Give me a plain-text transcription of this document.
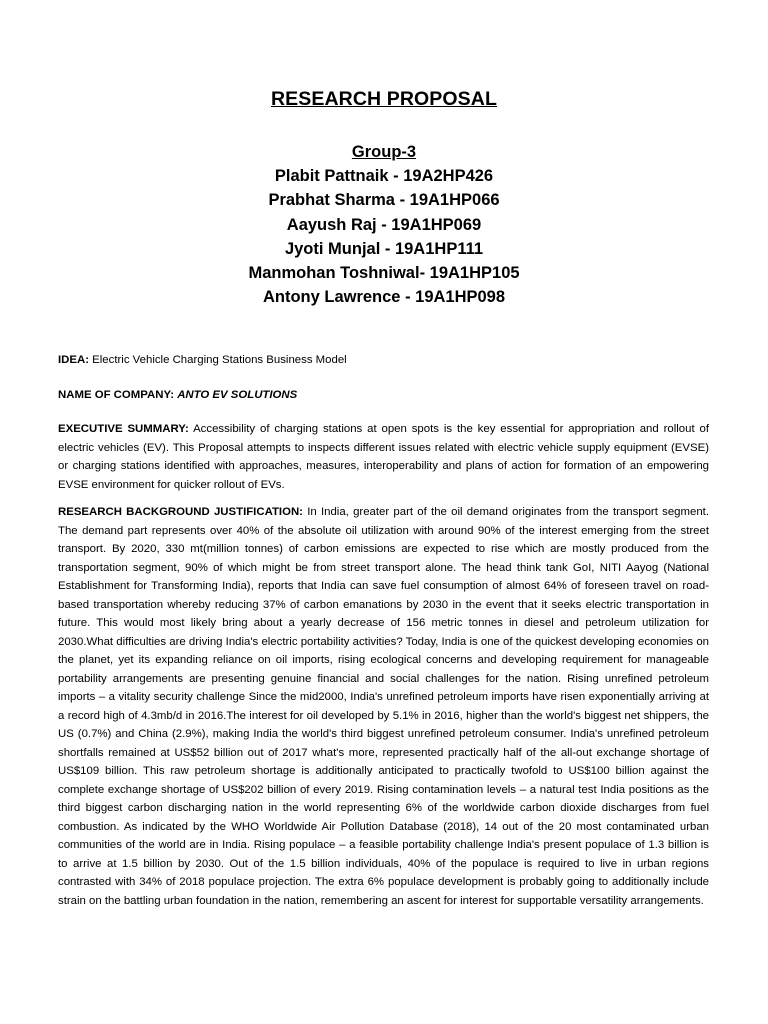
RESEARCH PROPOSAL
Group-3
Plabit Pattnaik - 19A2HP426
Prabhat Sharma - 19A1HP066
Aayush Raj - 19A1HP069
Jyoti Munjal - 19A1HP111
Manmohan Toshniwal- 19A1HP105
Antony Lawrence - 19A1HP098
IDEA: Electric Vehicle Charging Stations Business Model
NAME OF COMPANY: ANTO EV SOLUTIONS
EXECUTIVE SUMMARY: Accessibility of charging stations at open spots is the key essential for appropriation and rollout of electric vehicles (EV). This Proposal attempts to inspects different issues related with electric vehicle supply equipment (EVSE) or charging stations identified with approaches, measures, interoperability and plans of action for formation of an empowering EVSE environment for quicker rollout of EVs.
RESEARCH BACKGROUND JUSTIFICATION: In India, greater part of the oil demand originates from the transport segment. The demand part represents over 40% of the absolute oil utilization with around 90% of the interest emerging from the street transport. By 2020, 330 mt(million tonnes) of carbon emissions are expected to rise which are mostly produced from the transportation segment, 90% of which might be from street transport alone. The head think tank GoI, NITI Aayog (National Establishment for Transforming India), reports that India can save fuel consumption of almost 64% of foreseen travel on road-based transportation whereby reducing 37% of carbon emanations by 2030 in the event that it seeks electric transportation in future. This would most likely bring about a yearly decrease of 156 metric tonnes in diesel and petroleum utilization for 2030.What difficulties are driving India's electric portability activities? Today, India is one of the quickest developing economies on the planet, yet its expanding reliance on oil imports, rising ecological concerns and developing requirement for manageable portability arrangements are presenting genuine financial and social challenges for the nation. Rising unrefined petroleum imports – a vitality security challenge Since the mid2000, India's unrefined petroleum imports have risen exponentially arriving at a record high of 4.3mb/d in 2016.The interest for oil developed by 5.1% in 2016, higher than the world's biggest net shippers, the US (0.7%) and China (2.9%), making India the world's third biggest unrefined petroleum consumer. India's unrefined petroleum shortfalls remained at US$52 billion out of 2017 what's more, represented practically half of the all-out exchange shortage of US$109 billion. This raw petroleum shortage is additionally anticipated to practically twofold to US$100 billion against the complete exchange shortage of US$202 billion of every 2019. Rising contamination levels – a natural test India positions as the third biggest carbon discharging nation in the world representing 6% of the worldwide carbon dioxide discharges from fuel combustion. As indicated by the WHO Worldwide Air Pollution Database (2018), 14 out of the 20 most contaminated urban communities of the world are in India. Rising populace – a feasible portability challenge India's present populace of 1.3 billion is to arrive at 1.5 billion by 2030. Out of the 1.5 billion individuals, 40% of the populace is required to live in urban regions contrasted with 34% of 2018 populace projection. The extra 6% populace development is probably going to additionally include strain on the battling urban foundation in the nation, remembering an ascent for interest for supportable versatility arrangements.
